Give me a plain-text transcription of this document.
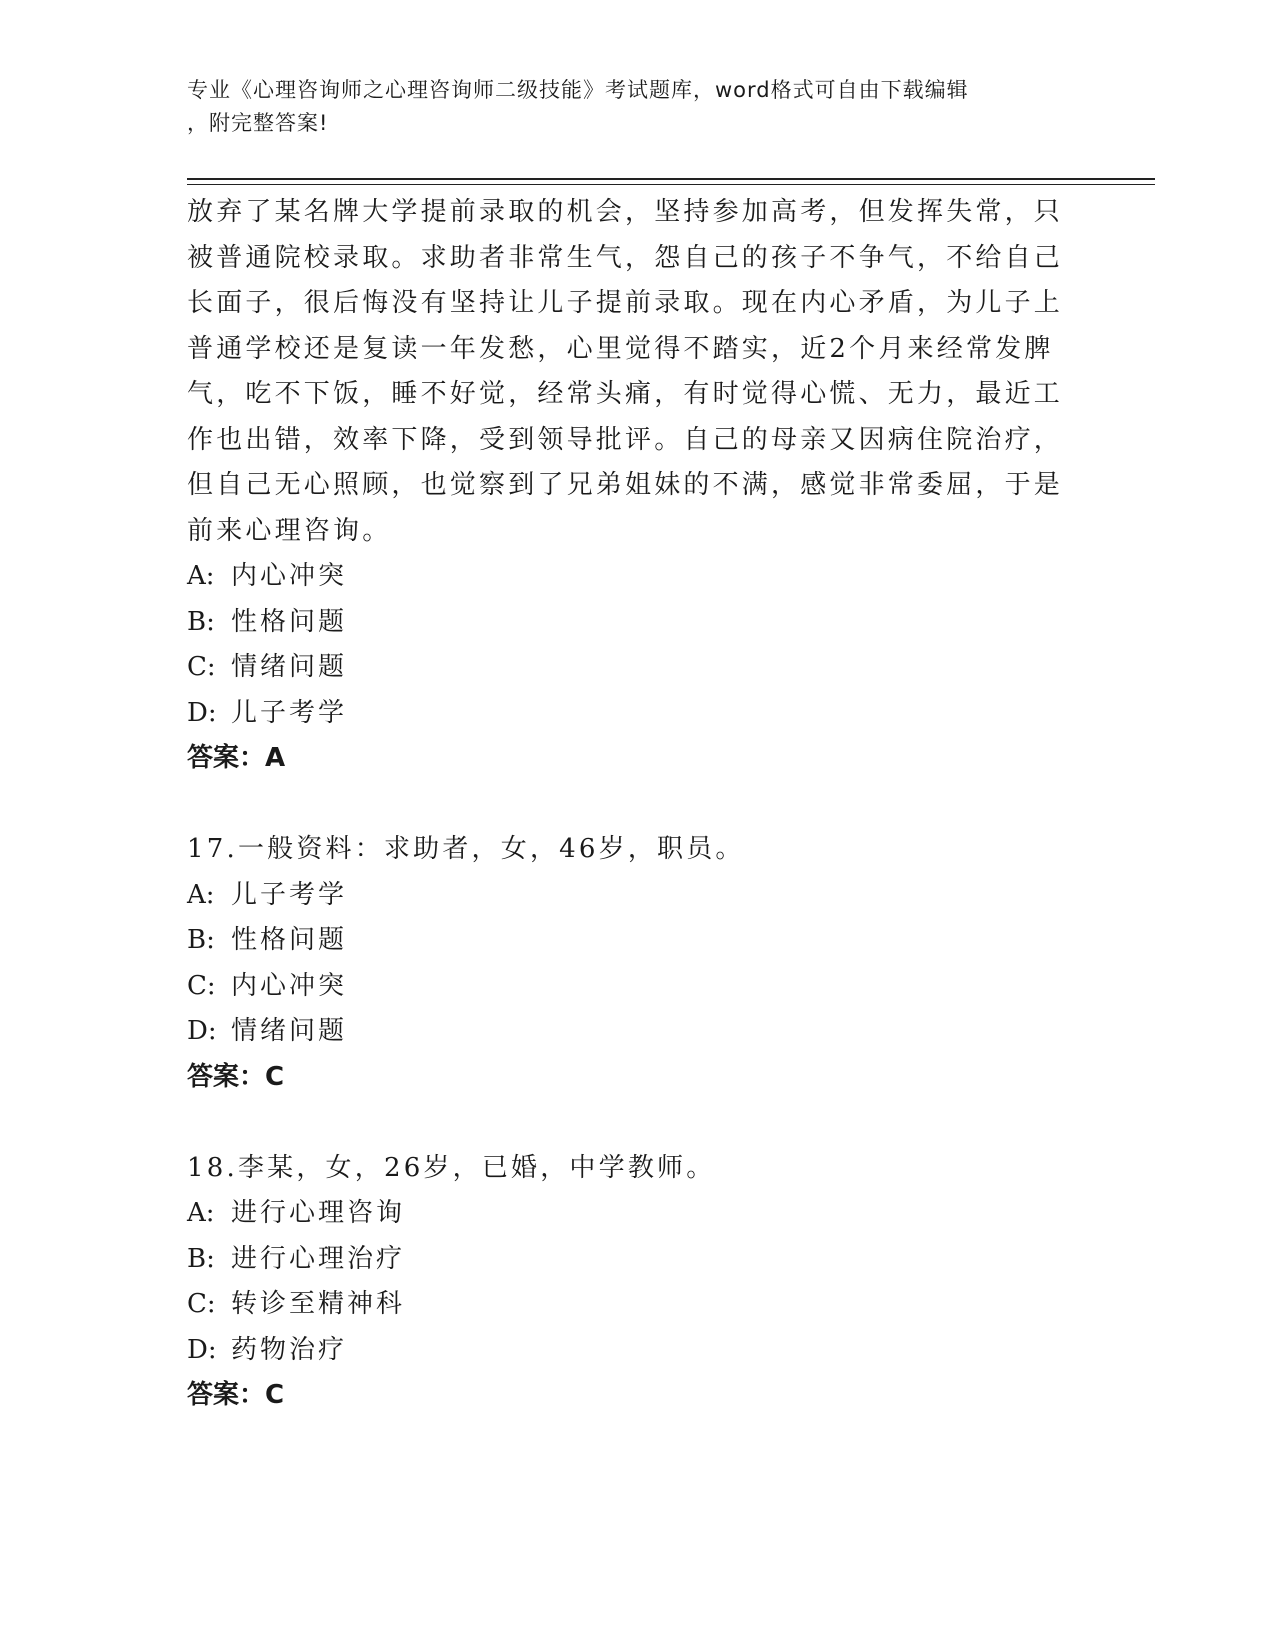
专业《心理咨询师之心理咨询师二级技能》考试题库，word格式可自由下载编辑
，附完整答案!
放弃了某名牌大学提前录取的机会，坚持参加高考，但发挥失常，只
被普通院校录取。求助者非常生气，怨自己的孩子不争气，不给自己
长面子，很后悔没有坚持让儿子提前录取。现在内心矛盾，为儿子上
普通学校还是复读一年发愁，心里觉得不踏实，近2个月来经常发脾
气，吃不下饭，睡不好觉，经常头痛，有时觉得心慌、无力，最近工
作也出错，效率下降，受到领导批评。自己的母亲又因病住院治疗，
但自己无心照顾，也觉察到了兄弟姐妹的不满，感觉非常委屈，于是
前来心理咨询。
A: 内心冲突
B: 性格问题
C: 情绪问题
D: 儿子考学
答案：A
17.一般资料：求助者，女，46岁，职员。
A: 儿子考学
B: 性格问题
C: 内心冲突
D: 情绪问题
答案：C
18.李某，女，26岁，已婚，中学教师。
A: 进行心理咨询
B: 进行心理治疗
C: 转诊至精神科
D: 药物治疗
答案：C
